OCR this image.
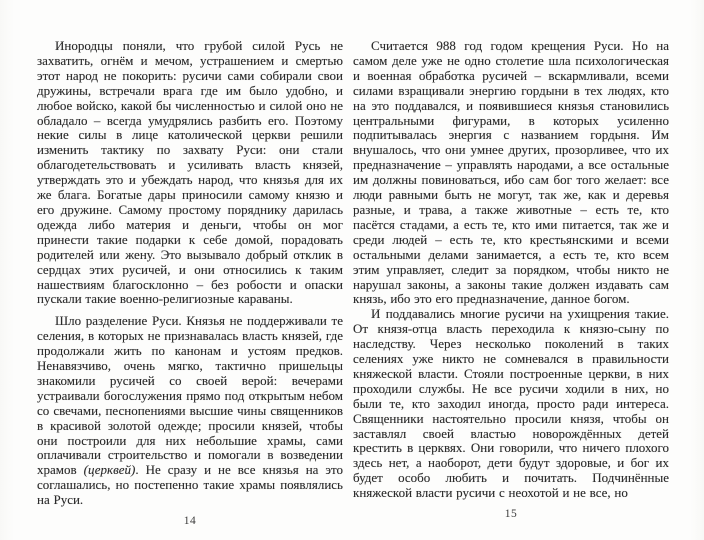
Инородцы поняли, что грубой силой Русь не захватить, огнём и мечом, устрашением и смертью этот народ не покорить: русичи сами собирали свои дружины, встречали врага где им было удобно, и любое войско, какой бы численностью и силой оно не обладало – всегда умудрялись разбить его. Поэтому некие силы в лице католической церкви решили изменить тактику по захвату Руси: они стали облагодетельствовать и усиливать власть князей, утверждать это и убеждать народ, что князья для их же блага. Богатые дары приносили самому князю и его дружине. Самому простому поряднику дарилась одежда либо материя и деньги, чтобы он мог принести такие подарки к себе домой, порадовать родителей или жену. Это вызывало добрый отклик в сердцах этих русичей, и они относились к таким нашествиям благосклонно – без робости и опаски пускали такие военно-религиозные караваны.

Шло разделение Руси. Князья не поддерживали те селения, в которых не признавалась власть князей, где продолжали жить по канонам и устоям предков. Ненавязчиво, очень мягко, тактично пришельцы знакомили русичей со своей верой: вечерами устраивали богослужения прямо под открытым небом со свечами, песнопениями высшие чины священников в красивой золотой одежде; просили князей, чтобы они построили для них небольшие храмы, сами оплачивали строительство и помогали в возведении храмов (церквей). Не сразу и не все князья на это соглашались, но постепенно такие храмы появлялись на Руси.

14

Считается 988 год годом крещения Руси. Но на самом деле уже не одно столетие шла психологическая и военная обработка русичей – вскармливали, всеми силами взращивали энергию гордыни в тех людях, кто на это поддавался, и появившиеся князья становились центральными фигурами, в которых усиленно подпитывалась энергия с названием гордыня. Им внушалось, что они умнее других, прозорливее, что их предназначение – управлять народами, а все остальные им должны повиноваться, ибо сам бог того желает: все люди равными быть не могут, так же, как и деревья разные, и трава, а также животные – есть те, кто пасётся стадами, а есть те, кто ими питается, так же и среди людей – есть те, кто крестьянскими и всеми остальными делами занимается, а есть те, кто всем этим управляет, следит за порядком, чтобы никто не нарушал законы, а законы такие должен издавать сам князь, ибо это его предназначение, данное богом.

И поддавались многие русичи на ухищрения такие. От князя-отца власть переходила к князю-сыну по наследству. Через несколько поколений в таких селениях уже никто не сомневался в правильности княжеской власти. Стояли построенные церкви, в них проходили службы. Не все русичи ходили в них, но были те, кто заходил иногда, просто ради интереса. Священники настоятельно просили князя, чтобы он заставлял своей властью новорождённых детей крестить в церквях. Они говорили, что ничего плохого здесь нет, а наоборот, дети будут здоровые, и бог их будет особо любить и почитать. Подчинённые княжеской власти русичи с неохотой и не все, но

15
